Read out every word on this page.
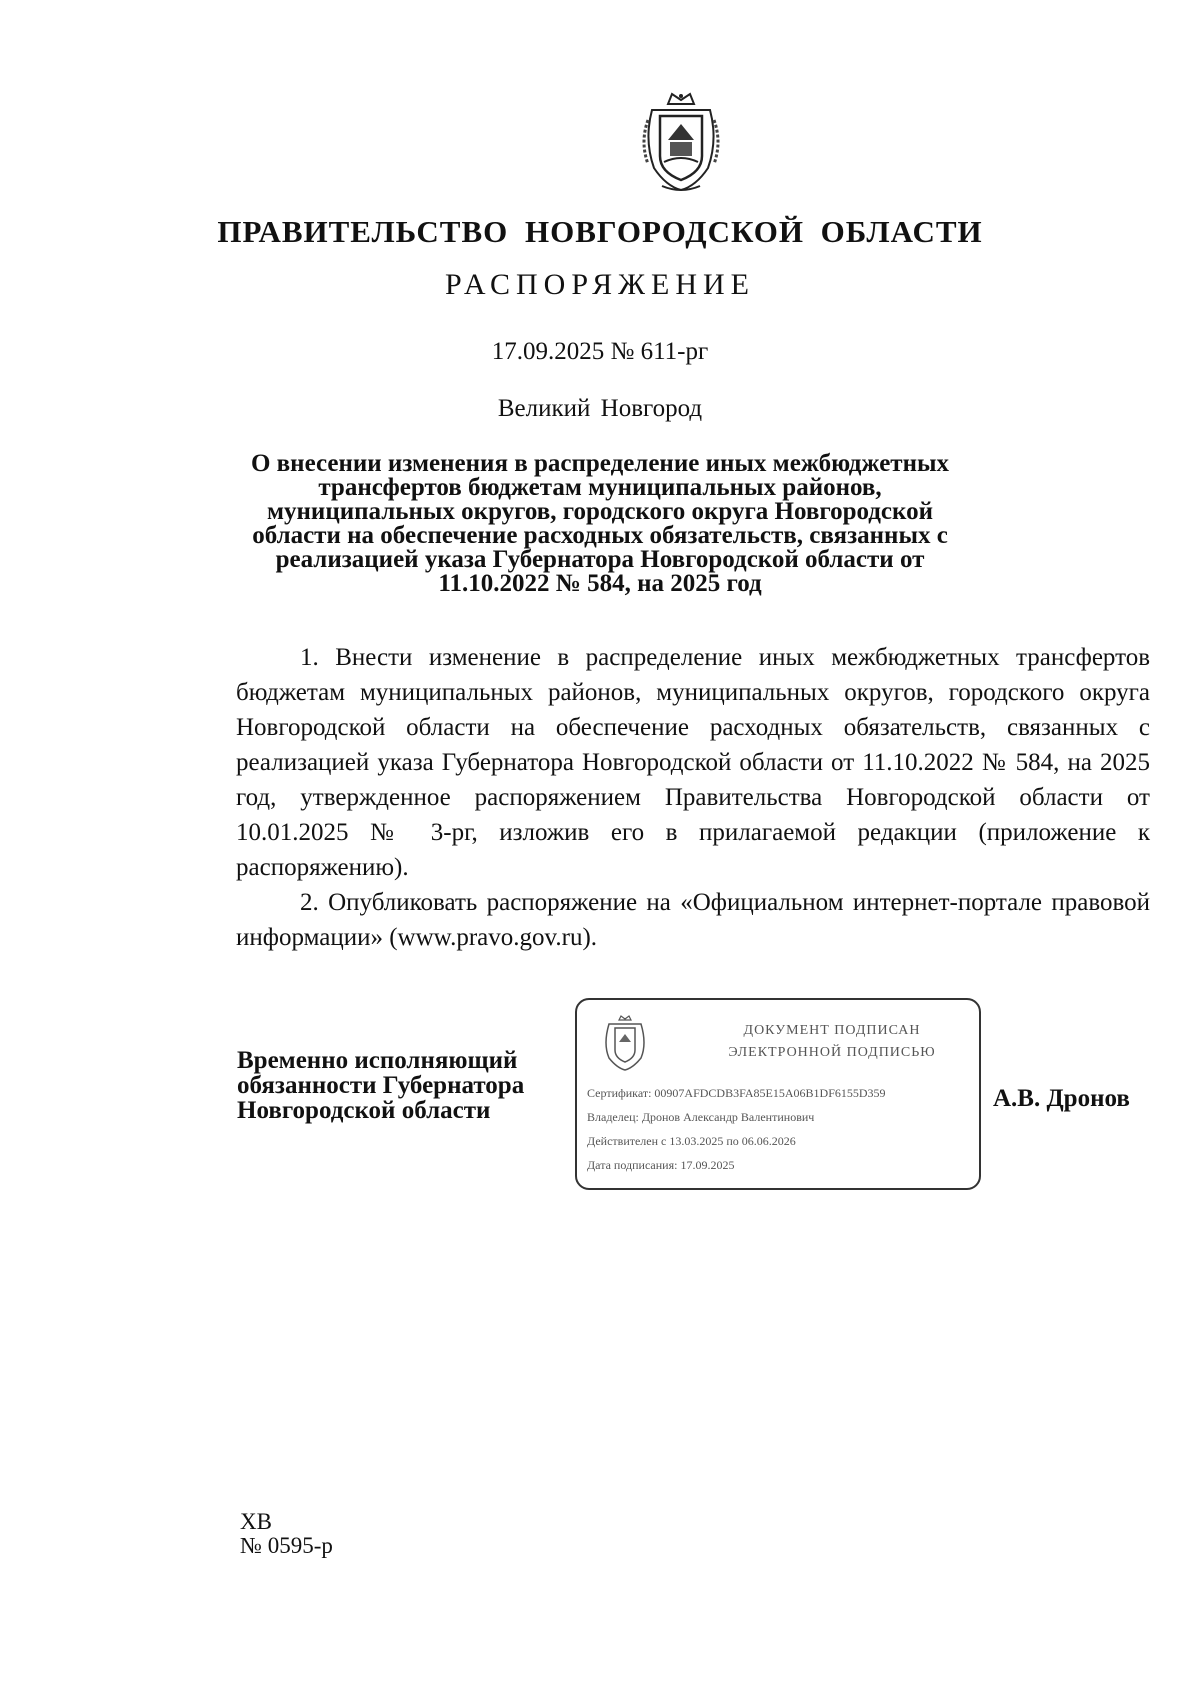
ПРАВИТЕЛЬСТВО НОВГОРОДСКОЙ ОБЛАСТИ
РАСПОРЯЖЕНИЕ
17.09.2025 № 611-рг
Великий Новгород
О внесении изменения в распределение иных межбюджетных трансфертов бюджетам муниципальных районов, муниципальных округов, городского округа Новгородской области на обеспечение расходных обязательств, связанных с реализацией указа Губернатора Новгородской области от 11.10.2022 № 584, на 2025 год

1. Внести изменение в распределение иных межбюджетных трансфертов бюджетам муниципальных районов, муниципальных округов, городского округа Новгородской области на обеспечение расходных обязательств, связанных с реализацией указа Губернатора Новгородской области от 11.10.2022 № 584, на 2025 год, утвержденное распоряжением Правительства Новгородской области от 10.01.2025 № 3-рг, изложив его в прилагаемой редакции (приложение к распоряжению).

2. Опубликовать распоряжение на «Официальном интернет-портале правовой информации» (www.pravo.gov.ru).

Временно исполняющий
обязанности Губернатора
Новгородской области
ДОКУМЕНТ ПОДПИСАН
ЭЛЕКТРОННОЙ ПОДПИСЬЮ
Сертификат: 00907AFDCDB3FA85E15A06B1DF6155D359
Владелец: Дронов Александр Валентинович
Действителен с 13.03.2025 по 06.06.2026
Дата подписания: 17.09.2025
А.В. Дронов
ХВ
№ 0595-р
